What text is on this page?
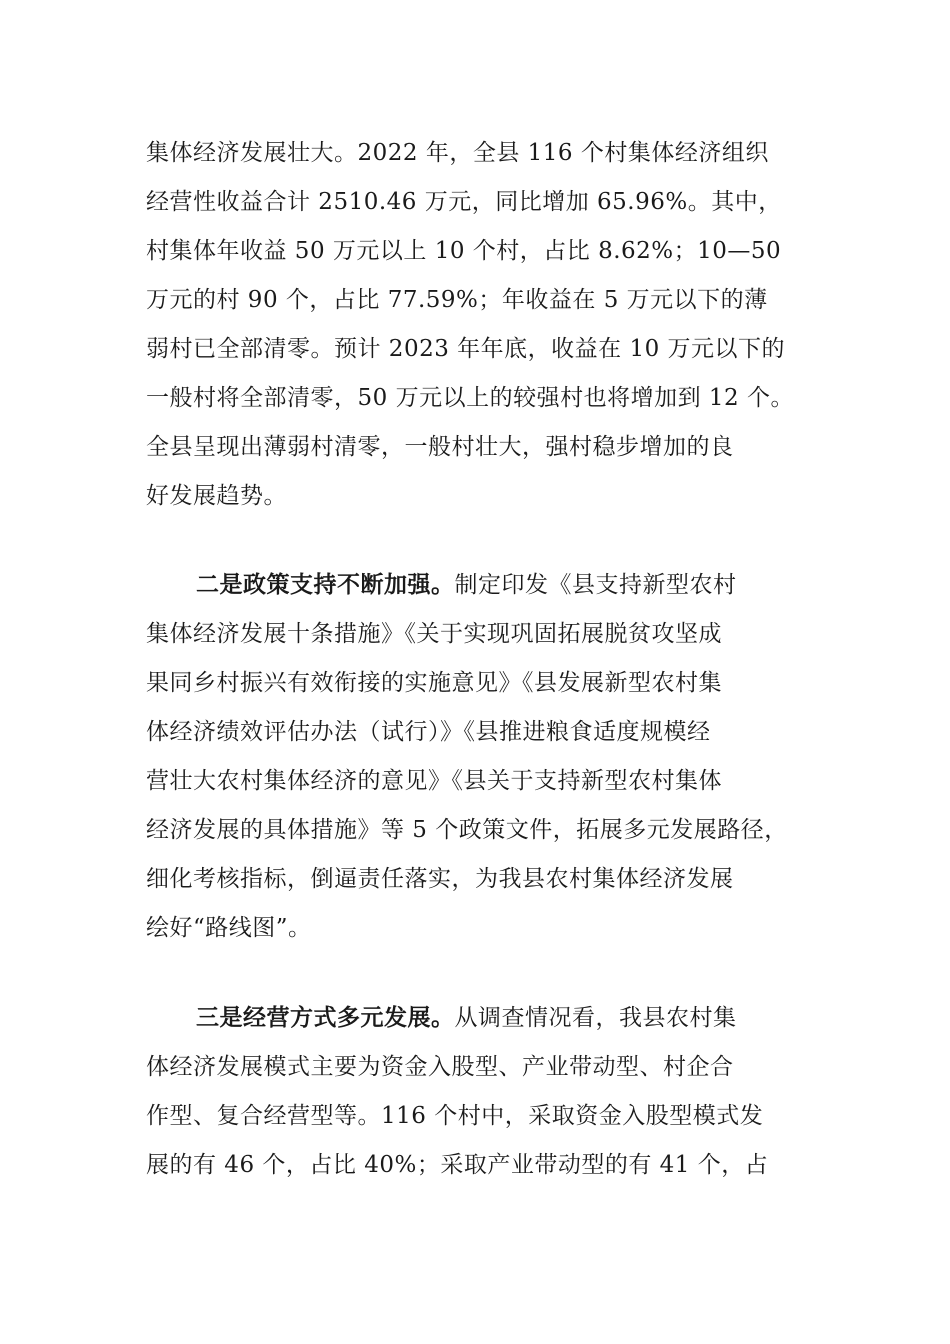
集体经济发展壮大。2022 年，全县 116 个村集体经济组织
经营性收益合计 2510.46 万元，同比增加 65.96%。其中，
村集体年收益 50 万元以上 10 个村，占比 8.62%；10—50
万元的村 90 个，占比 77.59%；年收益在 5 万元以下的薄
弱村已全部清零。预计 2023 年年底，收益在 10 万元以下的
一般村将全部清零，50 万元以上的较强村也将增加到 12 个。
全县呈现出薄弱村清零，一般村壮大，强村稳步增加的良
好发展趋势。
二是政策支持不断加强。制定印发《县支持新型农村
集体经济发展十条措施》《关于实现巩固拓展脱贫攻坚成
果同乡村振兴有效衔接的实施意见》《县发展新型农村集
体经济绩效评估办法（试行）》《县推进粮食适度规模经
营壮大农村集体经济的意见》《县关于支持新型农村集体
经济发展的具体措施》等 5 个政策文件，拓展多元发展路径，
细化考核指标，倒逼责任落实，为我县农村集体经济发展
绘好“路线图”。
三是经营方式多元发展。从调查情况看，我县农村集
体经济发展模式主要为资金入股型、产业带动型、村企合
作型、复合经营型等。116 个村中，采取资金入股型模式发
展的有 46 个，占比 40%；采取产业带动型的有 41 个，占
